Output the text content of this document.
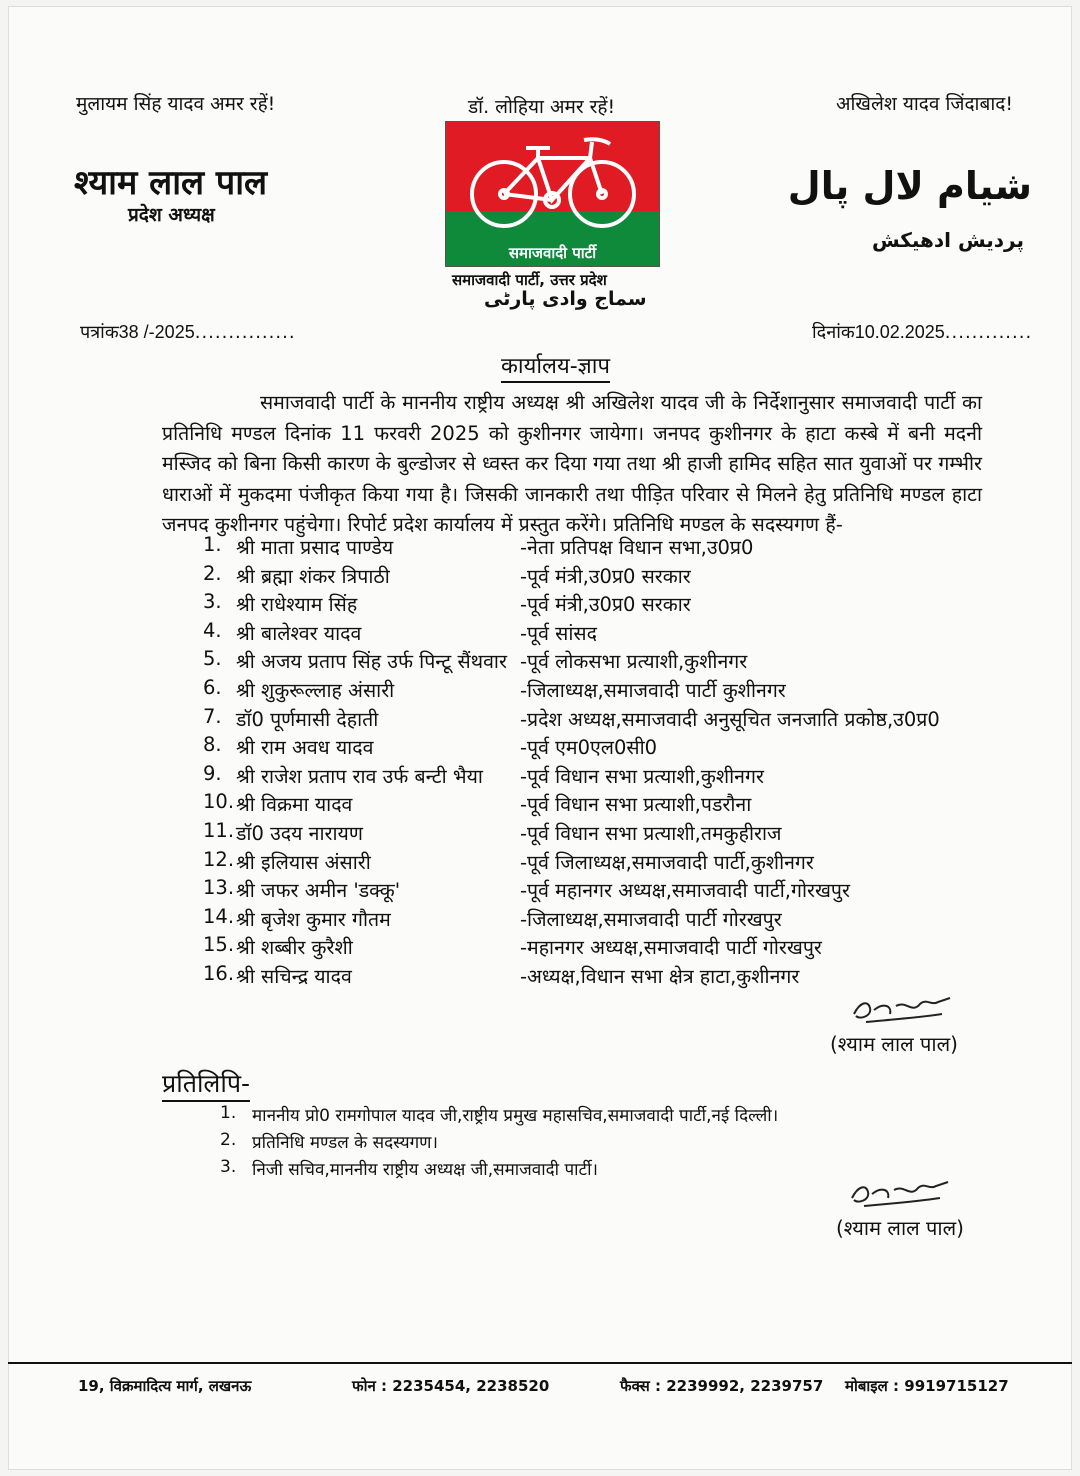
मुलायम सिंह यादव अमर रहें!	डॉ. लोहिया अमर रहें!	अखिलेश यादव जिंदाबाद!
श्याम लाल पाल
प्रदेश अध्यक्ष
شیام لال پال
پردیش ادھیکش
समाजवादी पार्टी
समाजवादी पार्टी, उत्तर प्रदेश
سماج وادی پارٹی
पत्रांक38 /-2025...............	दिनांक10.02.2025.............
कार्यालय-ज्ञाप
समाजवादी पार्टी के माननीय राष्ट्रीय अध्यक्ष श्री अखिलेश यादव जी के निर्देशानुसार समाजवादी पार्टी का प्रतिनिधि मण्डल दिनांक 11 फरवरी 2025 को कुशीनगर जायेगा। जनपद कुशीनगर के हाटा कस्बे में बनी मदनी मस्जिद को बिना किसी कारण के बुल्डोजर से ध्वस्त कर दिया गया तथा श्री हाजी हामिद सहित सात युवाओं पर गम्भीर धाराओं में मुकदमा पंजीकृत किया गया है। जिसकी जानकारी तथा पीड़ित परिवार से मिलने हेतु प्रतिनिधि मण्डल हाटा जनपद कुशीनगर पहुंचेगा। रिपोर्ट प्रदेश कार्यालय में प्रस्तुत करेंगे। प्रतिनिधि मण्डल के सदस्यगण हैं-
1. श्री माता प्रसाद पाण्डेय	-नेता प्रतिपक्ष विधान सभा,उ0प्र0
2. श्री ब्रह्मा शंकर त्रिपाठी	-पूर्व मंत्री,उ0प्र0 सरकार
3. श्री राधेश्याम सिंह	-पूर्व मंत्री,उ0प्र0 सरकार
4. श्री बालेश्वर यादव	-पूर्व सांसद
5. श्री अजय प्रताप सिंह उर्फ पिन्टू सैंथवार -पूर्व लोकसभा प्रत्याशी,कुशीनगर
6. श्री शुकुरूल्लाह अंसारी	-जिलाध्यक्ष,समाजवादी पार्टी कुशीनगर
7. डॉ0 पूर्णमासी देहाती	-प्रदेश अध्यक्ष,समाजवादी अनुसूचित जनजाति प्रकोष्ठ,उ0प्र0
8. श्री राम अवध यादव	-पूर्व एम0एल0सी0
9. श्री राजेश प्रताप राव उर्फ बन्टी भैया -पूर्व विधान सभा प्रत्याशी,कुशीनगर
10. श्री विक्रमा यादव	-पूर्व विधान सभा प्रत्याशी,पडरौना
11. डॉ0 उदय नारायण	-पूर्व विधान सभा प्रत्याशी,तमकुहीराज
12. श्री इलियास अंसारी	-पूर्व जिलाध्यक्ष,समाजवादी पार्टी,कुशीनगर
13. श्री जफर अमीन 'डक्कू'	-पूर्व महानगर अध्यक्ष,समाजवादी पार्टी,गोरखपुर
14. श्री बृजेश कुमार गौतम	-जिलाध्यक्ष,समाजवादी पार्टी गोरखपुर
15. श्री शब्बीर कुरैशी	-महानगर अध्यक्ष,समाजवादी पार्टी गोरखपुर
16. श्री सचिन्द्र यादव	-अध्यक्ष,विधान सभा क्षेत्र हाटा,कुशीनगर
(श्याम लाल पाल)
प्रतिलिपि-
1. माननीय प्रो0 रामगोपाल यादव जी,राष्ट्रीय प्रमुख महासचिव,समाजवादी पार्टी,नई दिल्ली।
2. प्रतिनिधि मण्डल के सदस्यगण।
3. निजी सचिव,माननीय राष्ट्रीय अध्यक्ष जी,समाजवादी पार्टी।
(श्याम लाल पाल)
19, विक्रमादित्य मार्ग, लखनऊ	फोन : 2235454, 2238520	फैक्स : 2239992, 2239757 मोबाइल : 9919715127
